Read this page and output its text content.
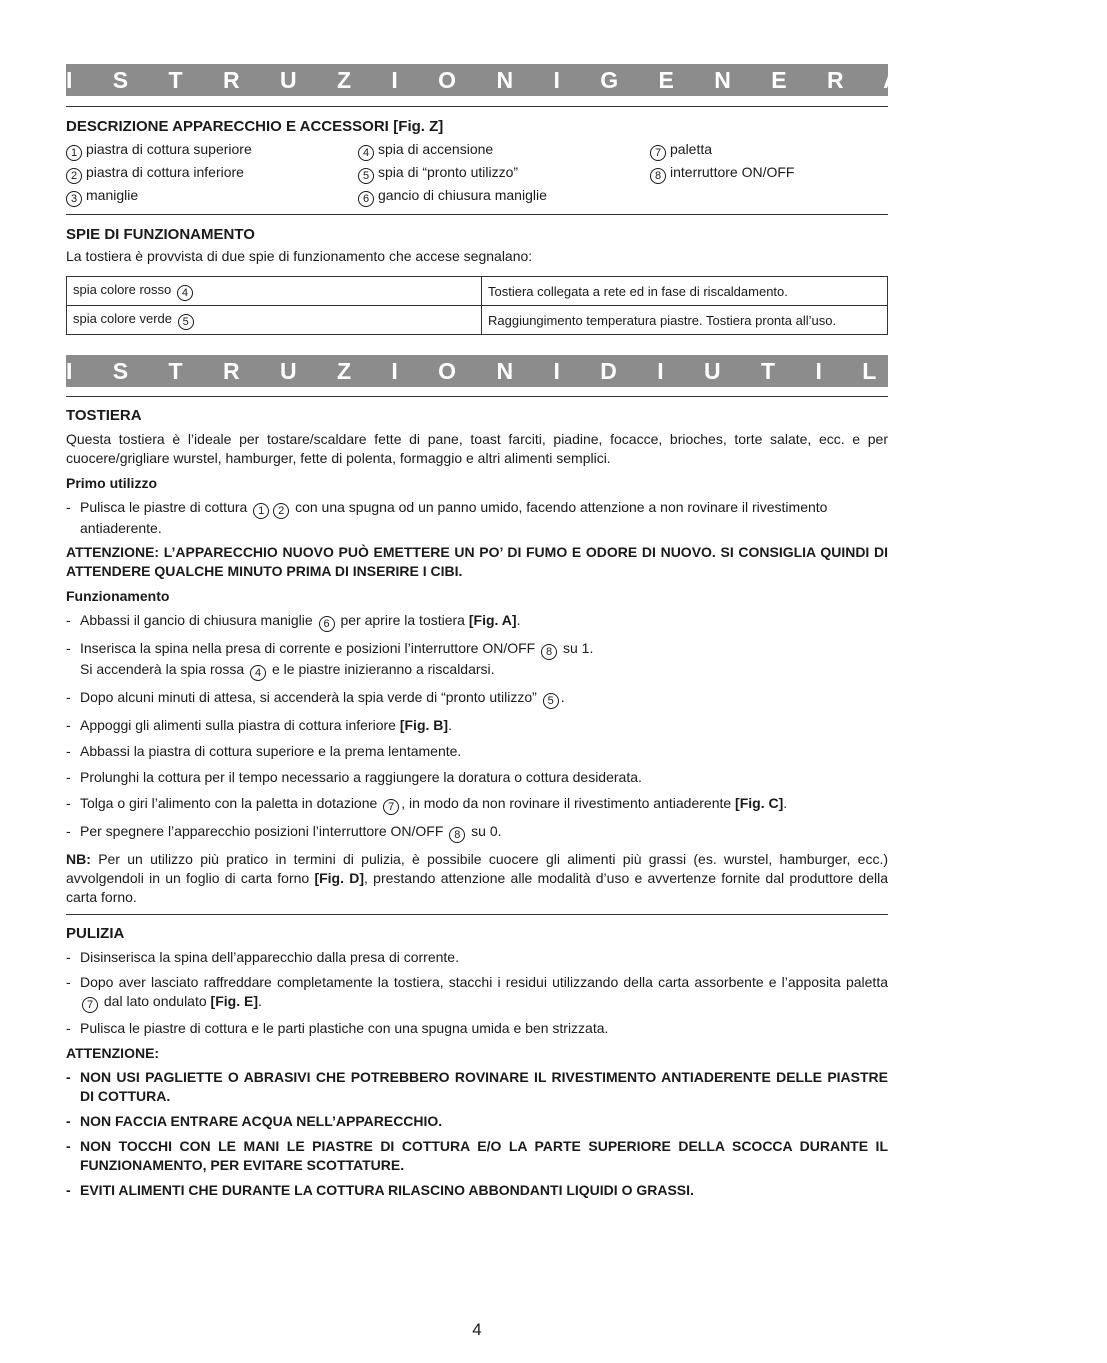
I S T R U Z I O N I G E N E R A L I
DESCRIZIONE APPARECCHIO E ACCESSORI [Fig. Z]
1 piastra di cottura superiore
2 piastra di cottura inferiore
3 maniglie
4 spia di accensione
5 spia di “pronto utilizzo”
6 gancio di chiusura maniglie
7 paletta
8 interruttore ON/OFF
SPIE DI FUNZIONAMENTO
La tostiera è provvista di due spie di funzionamento che accese segnalano:
spia colore rosso 4	Tostiera collegata a rete ed in fase di riscaldamento.
spia colore verde 5	Raggiungimento temperatura piastre. Tostiera pronta all’uso.
I S T R U Z I O N I D I U T I L I Z Z O
TOSTIERA
Questa tostiera è l’ideale per tostare/scaldare fette di pane, toast farciti, piadine, focacce, brioches, torte salate, ecc. e per cuocere/grigliare wurstel, hamburger, fette di polenta, formaggio e altri alimenti semplici.
Primo utilizzo
- Pulisca le piastre di cottura 1 2 con una spugna od un panno umido, facendo attenzione a non rovinare il rivestimento antiaderente.
ATTENZIONE: L’APPARECCHIO NUOVO PUÒ EMETTERE UN PO’ DI FUMO E ODORE DI NUOVO. SI CONSIGLIA QUINDI DI ATTENDERE QUALCHE MINUTO PRIMA DI INSERIRE I CIBI.
Funzionamento
- Abbassi il gancio di chiusura maniglie 6 per aprire la tostiera [Fig. A].
- Inserisca la spina nella presa di corrente e posizioni l’interruttore ON/OFF 8 su 1.
Si accenderà la spia rossa 4 e le piastre inizieranno a riscaldarsi.
- Dopo alcuni minuti di attesa, si accenderà la spia verde di “pronto utilizzo” 5 .
- Appoggi gli alimenti sulla piastra di cottura inferiore [Fig. B].
- Abbassi la piastra di cottura superiore e la prema lentamente.
- Prolunghi la cottura per il tempo necessario a raggiungere la doratura o cottura desiderata.
- Tolga o giri l’alimento con la paletta in dotazione 7 , in modo da non rovinare il rivestimento antiaderente [Fig. C].
- Per spegnere l’apparecchio posizioni l’interruttore ON/OFF 8 su 0.
NB: Per un utilizzo più pratico in termini di pulizia, è possibile cuocere gli alimenti più grassi (es. wurstel, hamburger, ecc.) avvolgendoli in un foglio di carta forno [Fig. D], prestando attenzione alle modalità d’uso e avvertenze fornite dal produttore della carta forno.
PULIZIA
- Disinserisca la spina dell’apparecchio dalla presa di corrente.
- Dopo aver lasciato raffreddare completamente la tostiera, stacchi i residui utilizzando della carta assorbente e l’apposita paletta 7 dal lato ondulato [Fig. E].
- Pulisca le piastre di cottura e le parti plastiche con una spugna umida e ben strizzata.
ATTENZIONE:
- NON USI PAGLIETTE O ABRASIVI CHE POTREBBERO ROVINARE IL RIVESTIMENTO ANTIADERENTE DELLE PIASTRE DI COTTURA.
- NON FACCIA ENTRARE ACQUA NELL’APPARECCHIO.
- NON TOCCHI CON LE MANI LE PIASTRE DI COTTURA E/O LA PARTE SUPERIORE DELLA SCOCCA DURANTE IL FUNZIONAMENTO, PER EVITARE SCOTTATURE.
- EVITI ALIMENTI CHE DURANTE LA COTTURA RILASCINO ABBONDANTI LIQUIDI O GRASSI.
4
